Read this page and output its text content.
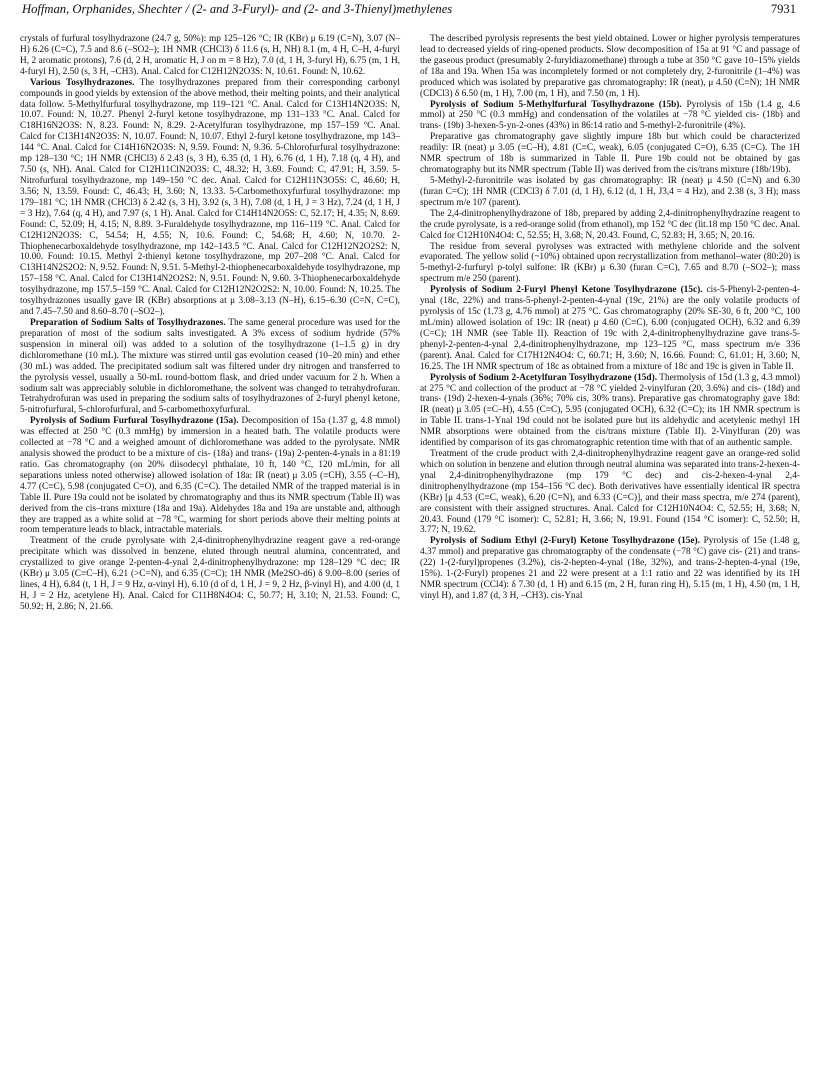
Hoffman, Orphanides, Shechter / (2- and 3-Furyl)- and (2- and 3-Thienyl)methylenes	7931

crystals of furfural tosylhydrazone (24.7 g, 50%): mp 125–126 °C; IR (KBr) μ 6.19 (C=N), 3.07 (N–H) 6.26 (C=C), 7.5 and 8.6 (–SO2–); 1H NMR (CHCl3) δ 11.6 (s, H, NH) 8.1 (m, 4 H, C–H, 4-furyl H, 2 aromatic protons), 7.6 (d, 2 H, aromatic H, J on m = 8 Hz), 7.0 (d, 1 H, 3-furyl H), 6.75 (m, 1 H, 4-furyl H), 2.50 (s, 3 H, –CH3). Anal. Calcd for C12H12N2O3S: N, 10.61. Found: N, 10.62.

Various Tosylhydrazones. The tosylhydrazones prepared from their corresponding carbonyl compounds in good yields by extension of the above method, their melting points, and their analytical data follow. 5-Methylfurfural tosylhydrazone, mp 119–121 °C. Anal. Calcd for C13H14N2O3S: N, 10.07. Found: N, 10.27. Phenyl 2-furyl ketone tosylhydrazone, mp 131–133 °C. Anal. Calcd for C18H16N2O3S: N, 8.23. Found: N, 8.29. 2-Acetylfuran tosylhydrazone, mp 157–159 °C. Anal. Calcd for C13H14N2O3S: N, 10.07. Found: N, 10.07. Ethyl 2-furyl ketone tosylhydrazone, mp 143–144 °C. Anal. Calcd for C14H16N2O3S: N, 9.59. Found: N, 9.36. 5-Chlorofurfural tosylhydrazone: mp 128–130 °C; 1H NMR (CHCl3) δ 2.43 (s, 3 H), 6.35 (d, 1 H), 6.76 (d, 1 H), 7.18 (q, 4 H), and 7.50 (s, NH). Anal. Calcd for C12H11ClN2O3S: C, 48.32; H, 3.69. Found: C, 47.91; H, 3.59. 5-Nitrofurfural tosylhydrazone, mp 149–150 °C dec. Anal. Calcd for C12H11N3O5S: C, 46.60; H, 3.56; N, 13.59. Found: C, 46.43; H, 3.60; N, 13.33. 5-Carbomethoxyfurfural tosylhydrazone: mp 179–181 °C; 1H NMR (CHCl3) δ 2.42 (s, 3 H), 3.92 (s, 3 H), 7.08 (d, 1 H, J = 3 Hz), 7.24 (d, 1 H, J = 3 Hz), 7.64 (q, 4 H), and 7.97 (s, 1 H). Anal. Calcd for C14H14N2O5S: C, 52.17; H, 4.35; N, 8.69. Found: C, 52.09; H, 4.15; N, 8.89. 3-Furaldehyde tosylhydrazone, mp 116–119 °C. Anal. Calcd for C12H12N2O3S: C, 54.54; H, 4.55; N, 10.6. Found: C, 54.68; H, 4.60; N, 10.70. 2-Thiophenecarboxaldehyde tosylhydrazone, mp 142–143.5 °C. Anal. Calcd for C12H12N2O2S2: N, 10.00. Found: 10.15. Methyl 2-thienyl ketone tosylhydrazone, mp 207–208 °C. Anal. Calcd for C13H14N2S2O2: N, 9.52. Found: N, 9.51. 5-Methyl-2-thiophenecarboxaldehyde tosylhydrazone, mp 157–158 °C. Anal. Calcd for C13H14N2O2S2: N, 9.51. Found: N, 9.60. 3-Thiophenecarboxaldehyde tosylhydrazone, mp 157.5–159 °C. Anal. Calcd for C12H12N2O2S2: N, 10.00. Found: N, 10.25. The tosylhydrazones usually gave IR (KBr) absorptions at μ 3.08–3.13 (N–H), 6.15–6.30 (C=N, C=C), and 7.45–7.50 and 8.60–8.70 (–SO2–).

Preparation of Sodium Salts of Tosylhydrazones. The same general procedure was used for the preparation of most of the sodium salts investigated. A 3% excess of sodium hydride (57% suspension in mineral oil) was added to a solution of the tosylhydrazone (1–1.5 g) in dry dichloromethane (10 mL). The mixture was stirred until gas evolution ceased (10–20 min) and ether (30 mL) was added. The precipitated sodium salt was filtered under dry nitrogen and transferred to the pyrolysis vessel, usually a 50-mL round-bottom flask, and dried under vacuum for 2 h. When a sodium salt was appreciably soluble in dichloromethane, the solvent was changed to tetrahydrofuran. Tetrahydrofuran was used in preparing the sodium salts of tosylhydrazones of 2-furyl phenyl ketone, 5-nitrofurfural, 5-chlorofurfural, and 5-carbomethoxyfurfural.

Pyrolysis of Sodium Furfural Tosylhydrazone (15a). Decomposition of 15a (1.37 g, 4.8 mmol) was effected at 250 °C (0.3 mmHg) by immersion in a heated bath. The volatile products were collected at −78 °C and a weighed amount of dichloromethane was added to the pyrolysate. NMR analysis showed the product to be a mixture of cis- (18a) and trans- (19a) 2-penten-4-ynals in a 81:19 ratio. Gas chromatography (on 20% diisodecyl phthalate, 10 ft, 140 °C, 120 mL/min, for all separations unless noted otherwise) allowed isolation of 18a: IR (neat) μ 3.05 (≡CH), 3.55 (–C–H), 4.77 (C≡C), 5.98 (conjugated C=O), and 6.35 (C=C). The detailed NMR of the trapped material is in Table II. Pure 19a could not be isolated by chromatography and thus its NMR spectrum (Table II) was derived from the cis–trans mixture (18a and 19a). Aldehydes 18a and 19a are unstable and, although they are trapped as a white solid at −78 °C, warming for short periods above their melting points at room temperature leads to black, intractable materials.

Treatment of the crude pyrolysate with 2,4-dinitrophenylhydrazine reagent gave a red-orange precipitate which was dissolved in benzene, eluted through neutral alumina, concentrated, and crystallized to give orange 2-penten-4-ynal 2,4-dinitrophenylhydrazone: mp 128–129 °C dec; IR (KBr) μ 3.05 (C≡C–H), 6.21 (>C=N), and 6.35 (C=C); 1H NMR (Me2SO-d6) δ 9.00–8.00 (series of lines, 4 H), 6.84 (t, 1 H, J = 9 Hz, α-vinyl H), 6.10 (d of d, 1 H, J = 9, 2 Hz, β-vinyl H), and 4.00 (d, 1 H, J = 2 Hz, acetylene H). Anal. Calcd for C11H8N4O4: C, 50.77; H, 3.10; N, 21.53. Found: C, 50.92; H, 2.86; N, 21.66.

The described pyrolysis represents the best yield obtained. Lower or higher pyrolysis temperatures lead to decreased yields of ring-opened products. Slow decomposition of 15a at 91 °C and passage of the gaseous product (presumably 2-furyldiazomethane) through a tube at 350 °C gave 10–15% yields of 18a and 19a. When 15a was incompletely formed or not completely dry, 2-furonitrile (1–4%) was produced which was isolated by preparative gas chromatography: IR (neat), μ 4.50 (C≡N); 1H NMR (CDCl3) δ 6.50 (m, 1 H), 7.00 (m, 1 H), and 7.50 (m, 1 H).

Pyrolysis of Sodium 5-Methylfurfural Tosylhydrazone (15b). Pyrolysis of 15b (1.4 g, 4.6 mmol) at 250 °C (0.3 mmHg) and condensation of the volatiles at −78 °C yielded cis- (18b) and trans- (19b) 3-hexen-5-yn-2-ones (43%) in 86:14 ratio and 5-methyl-2-furonitrile (4%).

Preparative gas chromatography gave slightly impure 18b but which could be characterized readily: IR (neat) μ 3.05 (≡C–H), 4.81 (C≡C, weak), 6.05 (conjugated C=O), 6.35 (C=C). The 1H NMR spectrum of 18b is summarized in Table II. Pure 19b could not be obtained by gas chromatography but its NMR spectrum (Table II) was derived from the cis/trans mixture (18b/19b).

5-Methyl-2-furonitrile was isolated by gas chromatography: IR (neat) μ 4.50 (C≡N) and 6.30 (furan C=C); 1H NMR (CDCl3) δ 7.01 (d, 1 H), 6.12 (d, 1 H, J3,4 = 4 Hz), and 2.38 (s, 3 H); mass spectrum m/e 107 (parent).

The 2,4-dinitrophenylhydrazone of 18b, prepared by adding 2,4-dinitrophenylhydrazine reagent to the crude pyrolysate, is a red-orange solid (from ethanol), mp 152 °C dec (lit.18 mp 150 °C dec. Anal. Calcd for C12H10N4O4: C, 52.55; H, 3.68; N, 20.43. Found, C, 52.83; H, 3.65; N, 20.16.

The residue from several pyrolyses was extracted with methylene chloride and the solvent evaporated. The yellow solid (~10%) obtained upon recrystallization from methanol–water (80:20) is 5-methyl-2-furfuryl p-tolyl sulfone: IR (KBr) μ 6.30 (furan C=C), 7.65 and 8.70 (–SO2–); mass spectrum m/e 250 (parent).

Pyrolysis of Sodium 2-Furyl Phenyl Ketone Tosylhydrazone (15c). cis-5-Phenyl-2-penten-4-ynal (18c, 22%) and trans-5-phenyl-2-penten-4-ynal (19c, 21%) are the only volatile products of pyrolysis of 15c (1.73 g, 4.76 mmol) at 275 °C. Gas chromatography (20% SE-30, 6 ft, 200 °C, 100 mL/min) allowed isolation of 19c: IR (neat) μ 4.60 (C≡C), 6.00 (conjugated OCH), 6.32 and 6.39 (C=C); 1H NMR (see Table II). Reaction of 19c with 2,4-dinitrophenylhydrazine gave trans-5-phenyl-2-penten-4-ynal 2,4-dinitrophenylhydrazone, mp 123–125 °C, mass spectrum m/e 336 (parent). Anal. Calcd for C17H12N4O4: C, 60.71; H, 3.60; N, 16.66. Found: C, 61.01; H, 3.60; N, 16.25. The 1H NMR spectrum of 18c as obtained from a mixture of 18c and 19c is given in Table II.

Pyrolysis of Sodium 2-Acetylfuran Tosylhydrazone (15d). Thermolysis of 15d (1.3 g, 4.3 mmol) at 275 °C and collection of the product at −78 °C yielded 2-vinylfuran (20, 3.6%) and cis- (18d) and trans- (19d) 2-hexen-4-ynals (36%; 70% cis, 30% trans). Preparative gas chromatography gave 18d: IR (neat) μ 3.05 (≡C–H), 4.55 (C≡C), 5.95 (conjugated OCH), 6.32 (C=C); its 1H NMR spectrum is in Table II. trans-1-Ynal 19d could not be isolated pure but its aldehydic and acetylenic methyl 1H NMR absorptions were obtained from the cis/trans mixture (Table II). 2-Vinylfuran (20) was identified by comparison of its gas chromatographic retention time with that of an authentic sample.

Treatment of the crude product with 2,4-dinitrophenylhydrazine reagent gave an orange-red solid which on solution in benzene and elution through neutral alumina was separated into trans-2-hexen-4-ynal 2,4-dinitrophenylhydrazone (mp 179 °C dec) and cis-2-hexen-4-ynal 2,4-dinitrophenylhydrazone (mp 154–156 °C dec). Both derivatives have essentially identical IR spectra (KBr) [μ 4.53 (C≡C, weak), 6.20 (C=N), and 6.33 (C=C)], and their mass spectra, m/e 274 (parent), are consistent with their assigned structures. Anal. Calcd for C12H10N4O4: C, 52.55; H, 3.68; N, 20.43. Found (179 °C isomer): C, 52.81; H, 3.66; N, 19.91. Found (154 °C isomer): C, 52.50; H, 3.77; N, 19.62.

Pyrolysis of Sodium Ethyl (2-Furyl) Ketone Tosylhydrazone (15e). Pyrolysis of 15e (1.48 g, 4.37 mmol) and preparative gas chromatography of the condensate (−78 °C) gave cis- (21) and trans- (22) 1-(2-furyl)propenes (3.2%), cis-2-hepten-4-ynal (18e, 32%), and trans-2-hepten-4-ynal (19e, 15%). 1-(2-Furyl) propenes 21 and 22 were present at a 1:1 ratio and 22 was identified by its 1H NMR spectrum (CCl4): δ 7.30 (d, 1 H) and 6.15 (m, 2 H, furan ring H), 5.15 (m, 1 H), 4.50 (m, 1 H, vinyl H), and 1.87 (d, 3 H, –CH3). cis-Ynal
